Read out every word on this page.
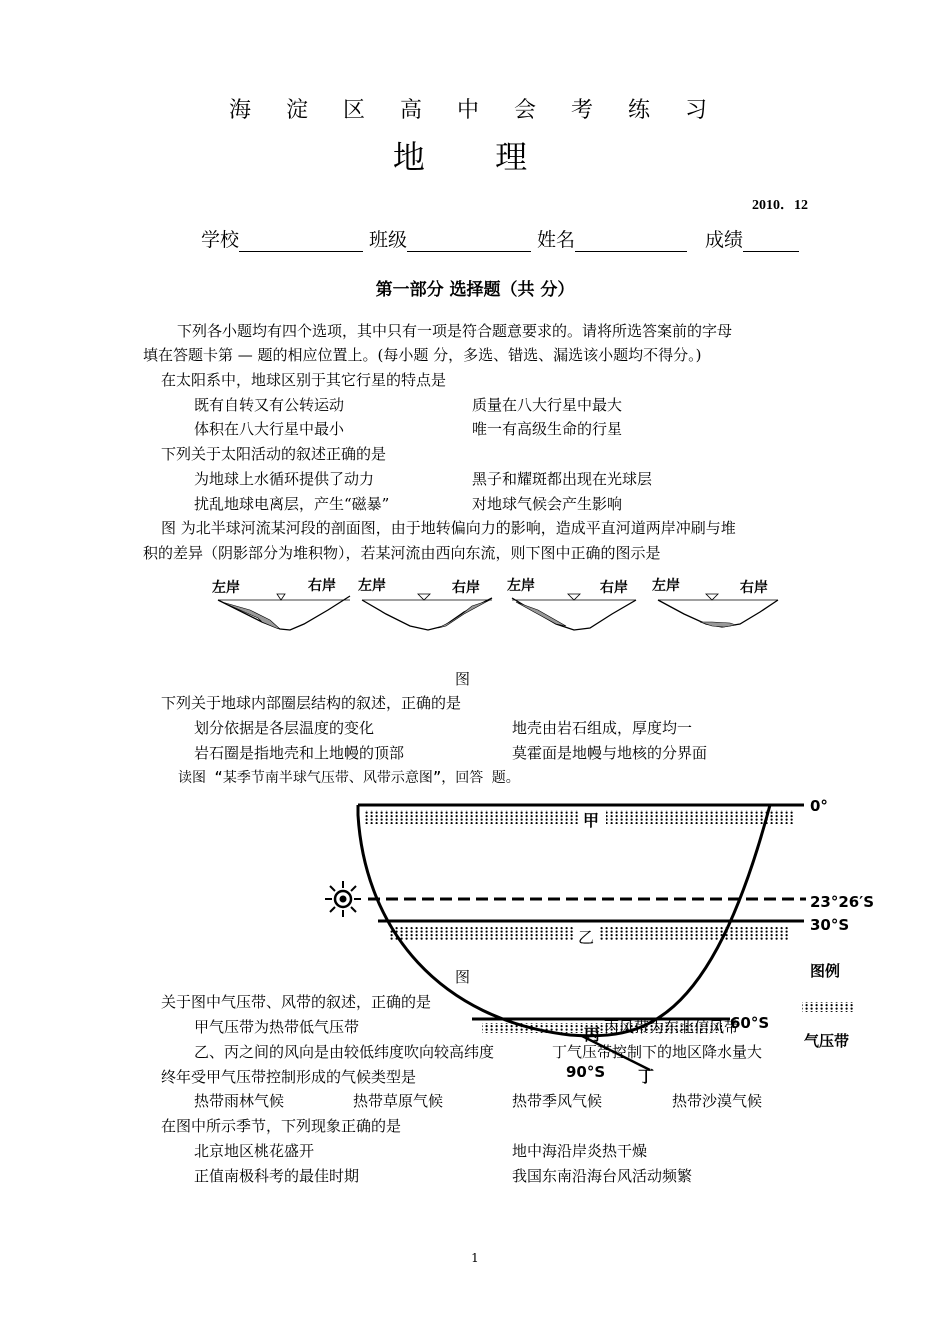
海 淀 区 高 中 会 考 练 习
地 理
2010．12
学校	班级	姓名	成绩
第一部分 选择题（共 分）
下列各小题均有四个选项，其中只有一项是符合题意要求的。请将所选答案前的字母
填在答题卡第 — 题的相应位置上。(每小题 分，多选、错选、漏选该小题均不得分。)
在太阳系中，地球区别于其它行星的特点是
既有自转又有公转运动	质量在八大行星中最大
体积在八大行星中最小	唯一有高级生命的行星
下列关于太阳活动的叙述正确的是
为地球上水循环提供了动力	黑子和耀斑都出现在光球层
扰乱地球电离层，产生“磁暴”	对地球气候会产生影响
图 为北半球河流某河段的剖面图，由于地转偏向力的影响，造成平直河道两岸冲刷与堆
积的差异（阴影部分为堆积物），若某河流由西向东流，则下图中正确的图示是
左岸	右岸 左岸	右岸 左岸	右岸 左岸	右岸
图
下列关于地球内部圈层结构的叙述，正确的是
划分依据是各层温度的变化	地壳由岩石组成，厚度均一
岩石圈是指地壳和上地幔的顶部	莫霍面是地幔与地核的分界面
读图 “某季节南半球气压带、风带示意图”，回答 题。
甲
乙
丙
丁
0°
23°26′S
30°S
60°S
90°S
图例
气压带
图
关于图中气压带、风带的叙述，正确的是
甲气压带为热带低气压带	丙风带为东北信风带
乙、丙之间的风向是由较低纬度吹向较高纬度	丁气压带控制下的地区降水量大
终年受甲气压带控制形成的气候类型是
热带雨林气候	热带草原气候	热带季风气候	热带沙漠气候
在图中所示季节，下列现象正确的是
北京地区桃花盛开	地中海沿岸炎热干燥
正值南极科考的最佳时期	我国东南沿海台风活动频繁
1
